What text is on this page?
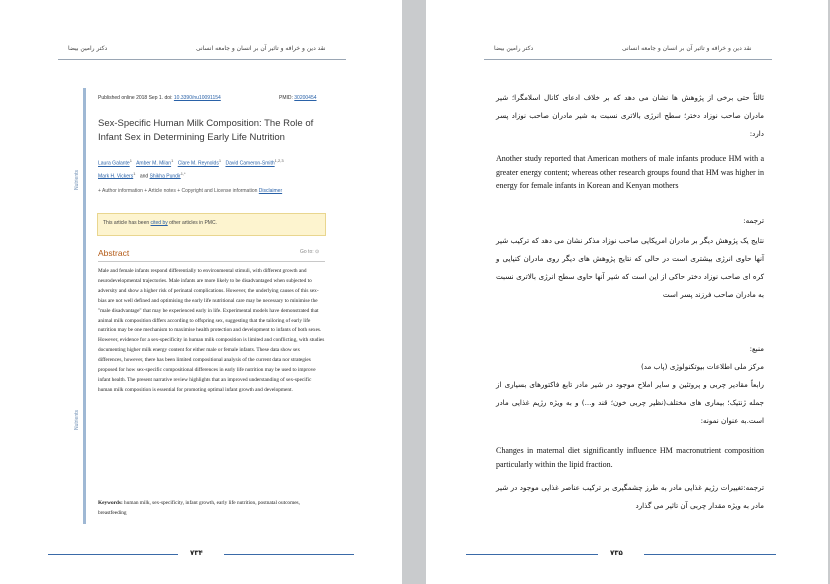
دکتر رامین بیضا	نقد دین و خرافه و تاثیر آن بر انسان و جامعه انسانی
Nutrients
Nutrients
Published online 2018 Sep 1. doi: 10.3390/nu10091154	PMID: 30200454
Sex-Specific Human Milk Composition: The Role of Infant Sex in Determining Early Life Nutrition
Laura Galante$^1$ Amber M. Milan$^1$ Clare M. Reynolds$^1$ David Cameron-Smith$^{1,2,3}$
Mark H. Vickers$^1$ and Shikha Pundir$^{1,*}$
+ Author information + Article notes + Copyright and License information Disclaimer
This article has been cited by other articles in PMC.
Abstract	Go to: ⊙
Male and female infants respond differentially to environmental stimuli, with different growth and neurodevelopmental trajectories. Male infants are more likely to be disadvantaged when subjected to adversity and show a higher risk of perinatal complications. However, the underlying causes of this sex-bias are not well defined and optimising the early life nutritional care may be necessary to minimise the "male disadvantage" that may be experienced early in life. Experimental models have demonstrated that animal milk composition differs according to offspring sex, suggesting that the tailoring of early life nutrition may be one mechanism to maximise health protection and development to infants of both sexes. However, evidence for a sex-specificity in human milk composition is limited and conflicting, with studies documenting higher milk energy content for either male or female infants. These data show sex differences, however, there has been limited compositional analysis of the current data nor strategies proposed for how sex-specific compositional differences in early life nutrition may be used to improve infant health. The present narrative review highlights that an improved understanding of sex-specific human milk composition is essential for promoting optimal infant growth and development.
Keywords: human milk, sex-specificity, infant growth, early life nutrition, postnatal outcomes, breastfeeding
۷۳۴
دکتر رامین بیضا	نقد دین و خرافه و تاثیر آن بر انسان و جامعه انسانی
ثالثاً حتی برخی از پژوهش ها نشان می دهد که بر خلاف ادعای کانال اسلامگرا؛ شیر مادران صاحب نوزاد دختر؛ سطح انرژی بالاتری نسبت به شیر مادران صاحب نوزاد پسر دارد:
Another study reported that American mothers of male infants produce HM with a greater energy content; whereas other research groups found that HM was higher in energy for female infants in Korean and Kenyan mothers
ترجمه:
نتایج یک پژوهش دیگر بر مادران امریکایی صاحب نوزاد مذکر نشان می دهد که ترکیب شیر آنها حاوی انرژی بیشتری است در حالی که نتایج پژوهش های دیگر روی مادران کنیایی و کره ای صاحب نوزاد دختر حاکی از این است که شیر آنها حاوی سطح انرژی بالاتری نسبت به مادران صاحب فرزند پسر است
منبع:
مرکز ملی اطلاعات بیوتکنولوژی (پاب مد)
رابعاً مقادیر چربی و پروتئین و سایر املاح موجود در شیر مادر تابع فاکتورهای بسیاری از جمله ژنتیک؛ بیماری های مختلف(نظیر چربی خون؛ قند و...) و به ویژه رژیم غذایی مادر است.به عنوان نمونه:
Changes in maternal diet significantly influence HM macronutrient composition particularly within the lipid fraction.
ترجمه:تغییرات رژیم غذایی مادر به طرز چشمگیری بر ترکیب عناصر غذایی موجود در شیر مادر به ویژه مقدار چربی آن تاثیر می گذارد
۷۳۵
